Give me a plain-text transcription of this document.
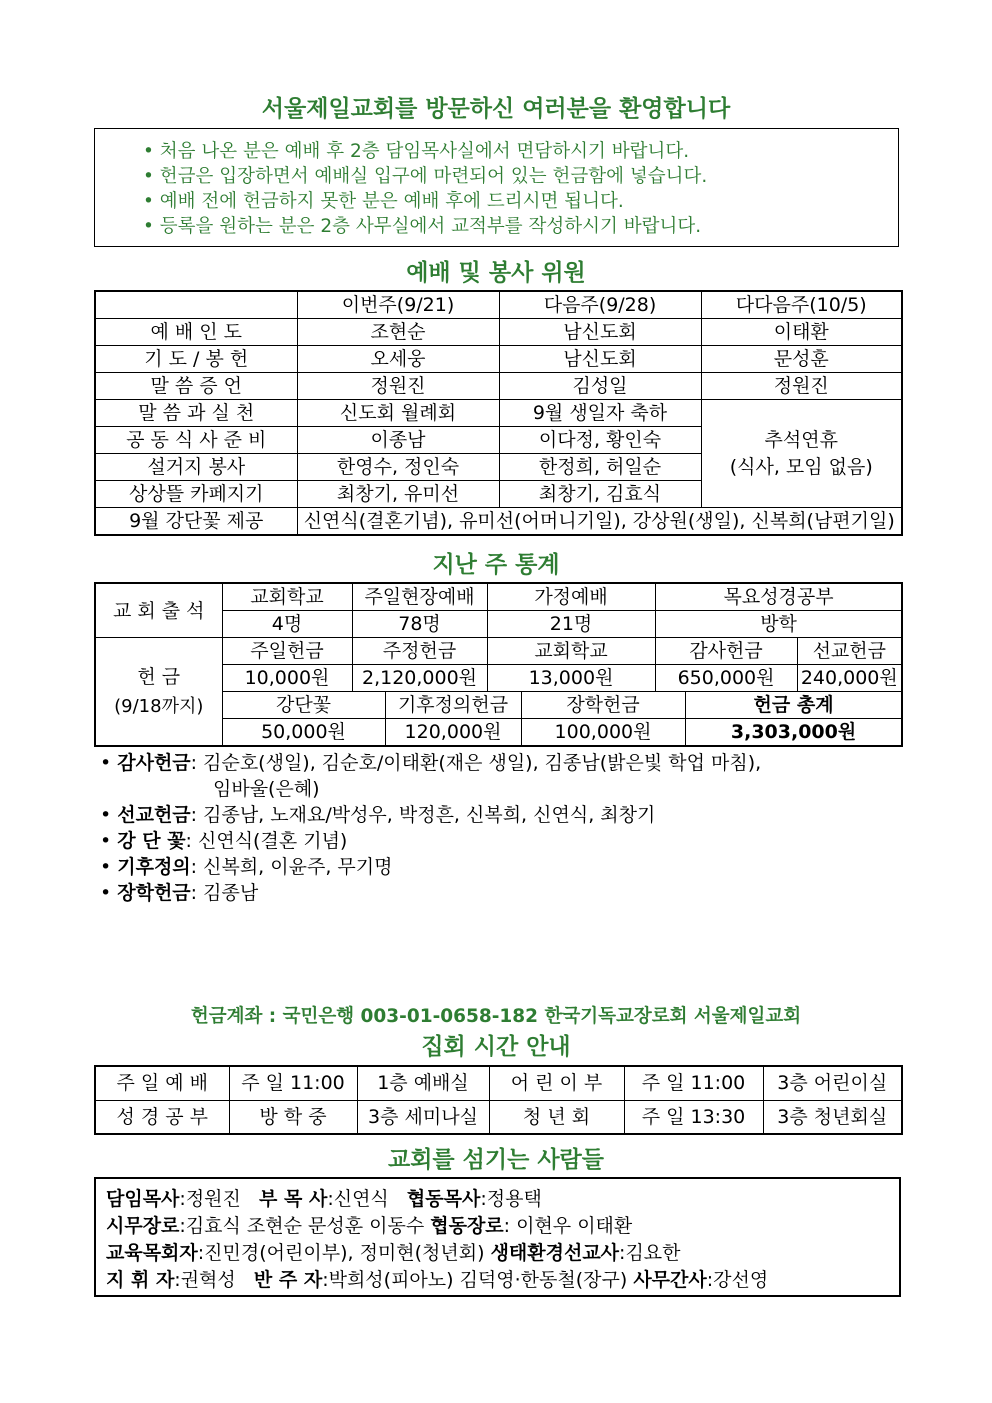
서울제일교회를 방문하신 여러분을 환영합니다
• 처음 나온 분은 예배 후 2층 담임목사실에서 면담하시기 바랍니다.
• 헌금은 입장하면서 예배실 입구에 마련되어 있는 헌금함에 넣습니다.
• 예배 전에 헌금하지 못한 분은 예배 후에 드리시면 됩니다.
• 등록을 원하는 분은 2층 사무실에서 교적부를 작성하시기 바랍니다.
예배 및 봉사 위원
	이번주(9/21)	다음주(9/28)	다다음주(10/5)
예 배 인 도	조현순	남신도회	이태환
기 도 / 봉 헌	오세웅	남신도회	문성훈
말 씀 증 언	정원진	김성일	정원진
말 씀 과 실 천	신도회 월례회	9월 생일자 축하	추석연휴
(식사, 모임 없음)

공 동 식 사 준 비	이종남	이다정, 황인숙	
설거지 봉사	한영수, 정인숙	한정희, 허일순	
상상뜰 카페지기	최창기, 유미선	최창기, 김효식	
9월 강단꽃 제공	신연식(결혼기념), 유미선(어머니기일), 강상원(생일), 신복희(남편기일)		
지난 주 통계
교 회 출 석	교회학교	주일현장예배		가정예배		목요성경공부		
	4명	78명		21명		방학		

헌 금
(9/18까지)	주일헌금	주정헌금		교회학교		감사헌금		선교헌금
	10,000원	2,120,000원		13,000원		650,000원		240,000원
	강단꽃		기후정의헌금		장학헌금		헌금 총계	
	50,000원		120,000원		100,000원		3,303,000원	
• 감사헌금: 김순호(생일), 김순호/이태환(재은 생일), 김종남(밝은빛 학업 마침),
임바울(은혜)
• 선교헌금: 김종남, 노재요/박성우, 박정흔, 신복희, 신연식, 최창기
• 강 단 꽃: 신연식(결혼 기념)
• 기후정의: 신복희, 이윤주, 무기명
• 장학헌금: 김종남
헌금계좌 : 국민은행 003-01-0658-182 한국기독교장로회 서울제일교회
집회 시간 안내
주 일 예 배	주 일 11:00	1층 예배실	어 린 이 부	주 일 11:00	3층 어린이실
성 경 공 부	방 학 중	3층 세미나실	청 년 회	주 일 13:30	3층 청년회실
교회를 섬기는 사람들
담임목사:정원진   부 목 사:신연식   협동목사:정용택
시무장로:김효식 조현순 문성훈 이동수 협동장로: 이현우 이태환
교육목회자:진민경(어린이부), 정미현(청년회) 생태환경선교사:김요한
지 휘 자:권혁성   반 주 자:박희성(피아노) 김덕영·한동철(장구) 사무간사:강선영
